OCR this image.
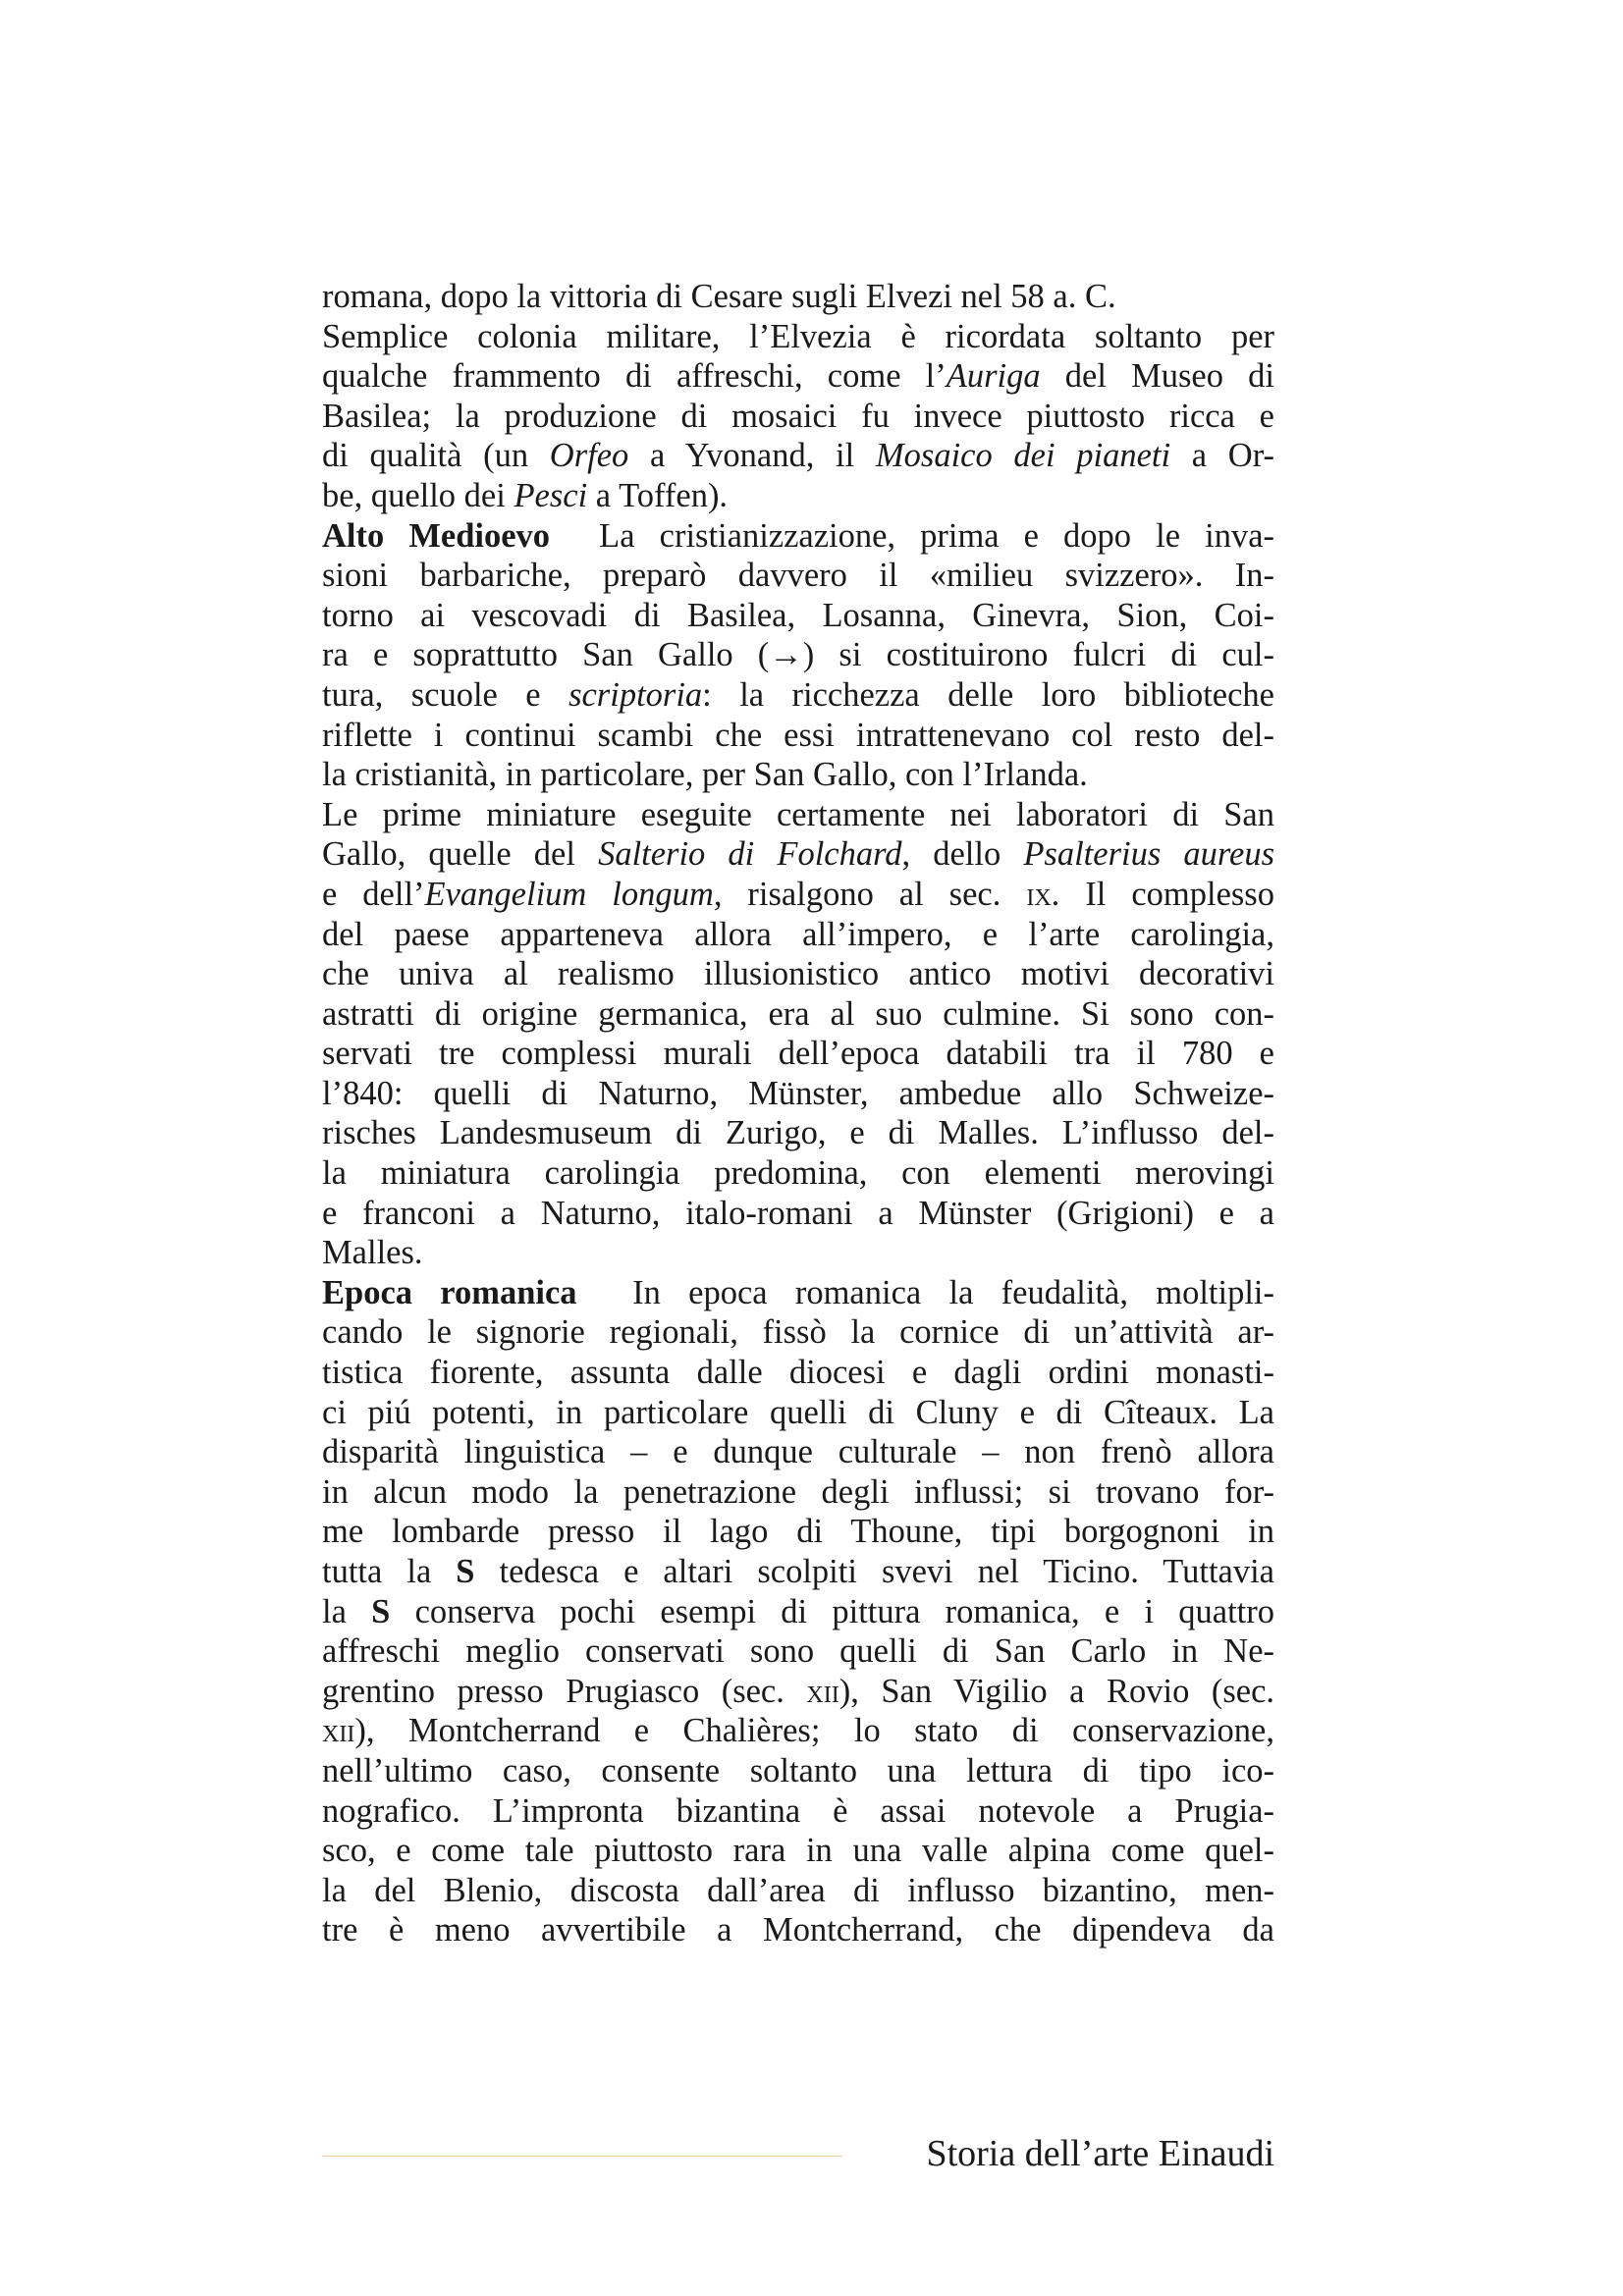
romana, dopo la vittoria di Cesare sugli Elvezi nel 58 a. C.
Semplice colonia militare, l’Elvezia è ricordata soltanto per
qualche frammento di affreschi, come l’Auriga del Museo di
Basilea; la produzione di mosaici fu invece piuttosto ricca e
di qualità (un Orfeo a Yvonand, il Mosaico dei pianeti a Or-
be, quello dei Pesci a Toffen).
Alto Medioevo  La cristianizzazione, prima e dopo le inva-
sioni barbariche, preparò davvero il «milieu svizzero». In-
torno ai vescovadi di Basilea, Losanna, Ginevra, Sion, Coi-
ra e soprattutto San Gallo (→) si costituirono fulcri di cul-
tura, scuole e scriptoria: la ricchezza delle loro biblioteche
riflette i continui scambi che essi intrattenevano col resto del-
la cristianità, in particolare, per San Gallo, con l’Irlanda.
Le prime miniature eseguite certamente nei laboratori di San
Gallo, quelle del Salterio di Folchard, dello Psalterius aureus
e dell’Evangelium longum, risalgono al sec. ix. Il complesso
del paese apparteneva allora all’impero, e l’arte carolingia,
che univa al realismo illusionistico antico motivi decorativi
astratti di origine germanica, era al suo culmine. Si sono con-
servati tre complessi murali dell’epoca databili tra il 780 e
l’840: quelli di Naturno, Münster, ambedue allo Schweize-
risches Landesmuseum di Zurigo, e di Malles. L’influsso del-
la miniatura carolingia predomina, con elementi merovingi
e franconi a Naturno, italo-romani a Münster (Grigioni) e a
Malles.
Epoca romanica  In epoca romanica la feudalità, moltipli-
cando le signorie regionali, fissò la cornice di un’attività ar-
tistica fiorente, assunta dalle diocesi e dagli ordini monasti-
ci piú potenti, in particolare quelli di Cluny e di Cîteaux. La
disparità linguistica – e dunque culturale – non frenò allora
in alcun modo la penetrazione degli influssi; si trovano for-
me lombarde presso il lago di Thoune, tipi borgognoni in
tutta la S tedesca e altari scolpiti svevi nel Ticino. Tuttavia
la S conserva pochi esempi di pittura romanica, e i quattro
affreschi meglio conservati sono quelli di San Carlo in Ne-
grentino presso Prugiasco (sec. xii), San Vigilio a Rovio (sec.
xii), Montcherrand e Chalières; lo stato di conservazione,
nell’ultimo caso, consente soltanto una lettura di tipo ico-
nografico. L’impronta bizantina è assai notevole a Prugia-
sco, e come tale piuttosto rara in una valle alpina come quel-
la del Blenio, discosta dall’area di influsso bizantino, men-
tre è meno avvertibile a Montcherrand, che dipendeva da
Storia dell’arte Einaudi
